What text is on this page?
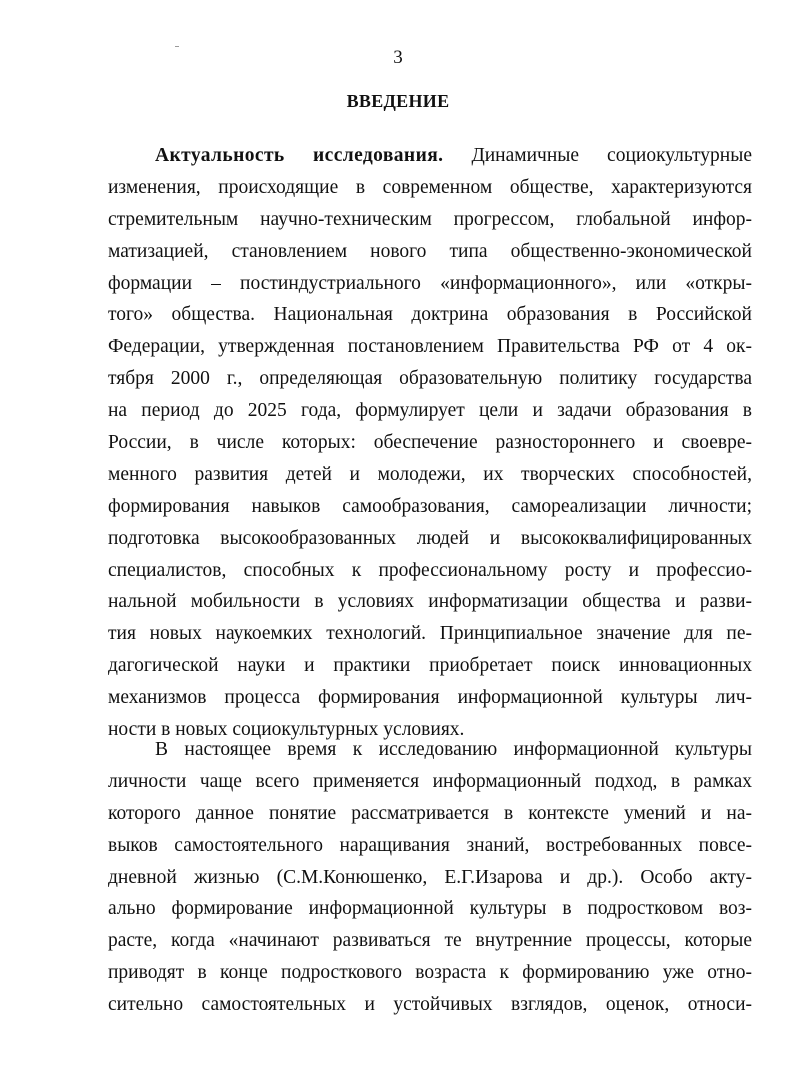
3
ВВЕДЕНИЕ
Актуальность исследования. Динамичные социокультурные
изменения, происходящие в современном обществе, характеризуются
стремительным научно-техническим прогрессом, глобальной инфор-
матизацией, становлением нового типа общественно-экономической
формации – постиндустриального «информационного», или «откры-
того» общества. Национальная доктрина образования в Российской
Федерации, утвержденная постановлением Правительства РФ от 4 ок-
тября 2000 г., определяющая образовательную политику государства
на период до 2025 года, формулирует цели и задачи образования в
России, в числе которых: обеспечение разностороннего и своевре-
менного развития детей и молодежи, их творческих способностей,
формирования навыков самообразования, самореализации личности;
подготовка высокообразованных людей и высококвалифицированных
специалистов, способных к профессиональному росту и профессио-
нальной мобильности в условиях информатизации общества и разви-
тия новых наукоемких технологий. Принципиальное значение для пе-
дагогической науки и практики приобретает поиск инновационных
механизмов процесса формирования информационной культуры лич-
ности в новых социокультурных условиях.
В настоящее время к исследованию информационной культуры
личности чаще всего применяется информационный подход, в рамках
которого данное понятие рассматривается в контексте умений и на-
выков самостоятельного наращивания знаний, востребованных повсе-
дневной жизнью (С.М.Конюшенко, Е.Г.Изарова и др.). Особо акту-
ально формирование информационной культуры в подростковом воз-
расте, когда «начинают развиваться те внутренние процессы, которые
приводят в конце подросткового возраста к формированию уже отно-
сительно самостоятельных и устойчивых взглядов, оценок, относи-
